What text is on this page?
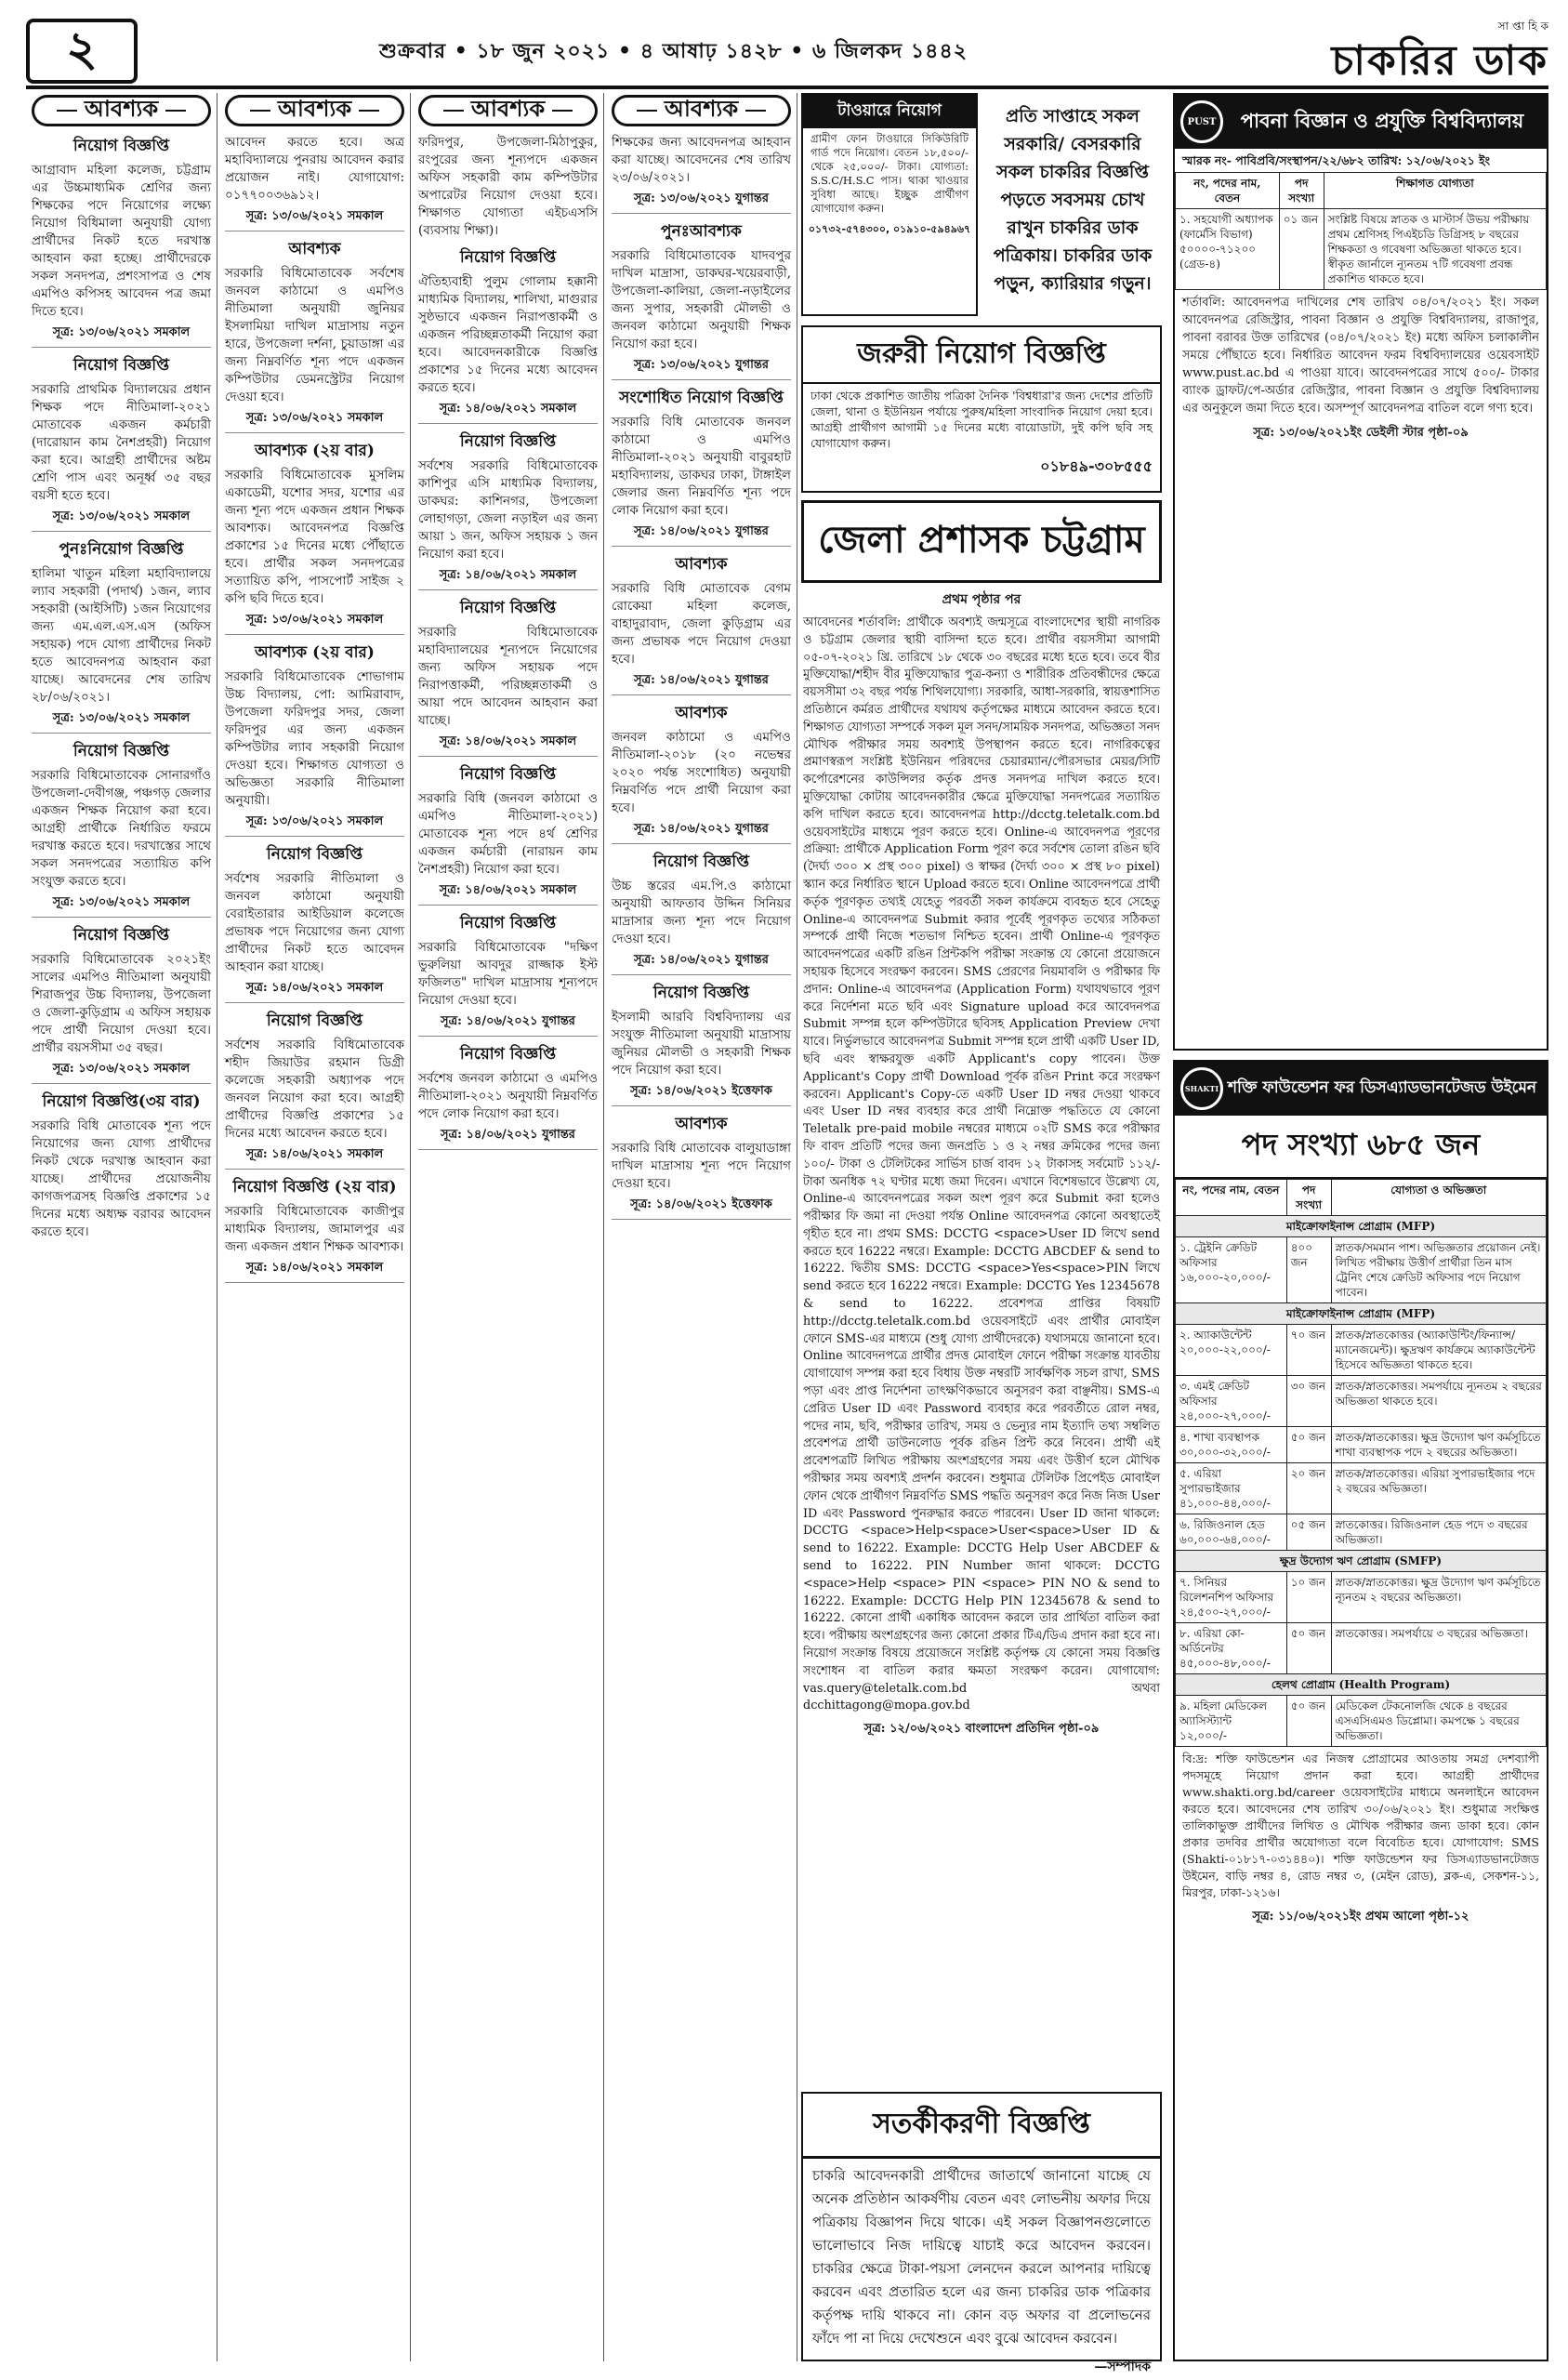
২	শুক্রবার • ১৮ জুন ২০২১ • ৪ আষাঢ় ১৪২৮ • ৬ জিলকদ ১৪৪২
সা প্তা হি ক
চাকরির ডাক
আবশ্যক
নিয়োগ বিজ্ঞপ্তি
আগ্রাবাদ মহিলা কলেজ, চট্টগ্রাম এর উচ্চমাধ্যমিক শ্রেণির জন্য শিক্ষকের পদে নিয়োগের লক্ষ্যে নিয়োগ বিধিমালা অনুযায়ী যোগ্য প্রার্থীদের নিকট হতে দরখাস্ত আহবান করা হচ্ছে। প্রার্থীদেরকে সকল সনদপত্র, প্রশংসাপত্র ও শেষ এমপিও কপিসহ আবেদন পত্র জমা দিতে হবে।
সূত্র: ১৩/০৬/২০২১ সমকাল
নিয়োগ বিজ্ঞপ্তি
সরকারি প্রাথমিক বিদ্যালয়ের প্রধান শিক্ষক পদে নীতিমালা-২০২১ মোতাবেক একজন কর্মচারী (দারোয়ান কাম নৈশপ্রহরী) নিয়োগ করা হবে। আগ্রহী প্রার্থীদের অষ্টম শ্রেণি পাস এবং অনূর্ধ্ব ৩৫ বছর বয়সী হতে হবে।
সূত্র: ১৩/০৬/২০২১ সমকাল
পুনঃনিয়োগ বিজ্ঞপ্তি
হালিমা খাতুন মহিলা মহাবিদ্যালয়ে ল্যাব সহকারী (পদার্থ) ১জন, ল্যাব সহকারী (আইসিটি) ১জন নিয়োগের জন্য এম.এল.এস.এস (অফিস সহায়ক) পদে যোগ্য প্রার্থীদের নিকট হতে আবেদনপত্র আহবান করা যাচ্ছে। আবেদনের শেষ তারিখ ২৮/০৬/২০২১।
সূত্র: ১৩/০৬/২০২১ সমকাল
নিয়োগ বিজ্ঞপ্তি
সরকারি বিধিমোতাবেক সোনারগাঁও উপজেলা-দেবীগঞ্জ, পঞ্চগড় জেলার একজন শিক্ষক নিয়োগ করা হবে। আগ্রহী প্রার্থীকে নির্ধারিত ফরমে দরখাস্ত করতে হবে। দরখাস্তের সাথে সকল সনদপত্রের সত্যায়িত কপি সংযুক্ত করতে হবে।
সূত্র: ১৩/০৬/২০২১ সমকাল
নিয়োগ বিজ্ঞপ্তি
সরকারি বিধিমোতাবেক ২০২১ইং সালের এমপিও নীতিমালা অনুযায়ী শিরাজপুর উচ্চ বিদ্যালয়, উপজেলা ও জেলা-কুড়িগ্রাম এ অফিস সহায়ক পদে প্রার্থী নিয়োগ দেওয়া হবে। প্রার্থীর বয়সসীমা ৩৫ বছর।
সূত্র: ১৩/০৬/২০২১ সমকাল
নিয়োগ বিজ্ঞপ্তি(৩য় বার)
সরকারি বিধি মোতাবেক শূন্য পদে নিয়োগের জন্য যোগ্য প্রার্থীদের নিকট থেকে দরখাস্ত আহবান করা যাচ্ছে। প্রার্থীদের প্রয়োজনীয় কাগজপত্রসহ বিজ্ঞপ্তি প্রকাশের ১৫ দিনের মধ্যে অধ্যক্ষ বরাবর আবেদন করতে হবে।
আবশ্যক
আবেদন করতে হবে। অত্র মহাবিদ্যালয়ে পুনরায় আবেদন করার প্রয়োজন নাই। যোগাযোগ: ০১৭৭০০৩৬৯১২।
সূত্র: ১৩/০৬/২০২১ সমকাল
আবশ্যক
সরকারি বিধিমোতাবেক সর্বশেষ জনবল কাঠামো ও এমপিও নীতিমালা অনুযায়ী জুনিয়র ইসলামিয়া দাখিল মাদ্রাসায় নতুন হারে, উপজেলা দর্শনা, চুয়াডাঙ্গা এর জন্য নিম্নবর্ণিত শূন্য পদে একজন কম্পিউটার ডেমনস্ট্রেটর নিয়োগ দেওয়া হবে।
সূত্র: ১৩/০৬/২০২১ সমকাল
আবশ্যক (২য় বার)
সরকারি বিধিমোতাবেক মুসলিম একাডেমী, যশোর সদর, যশোর এর জন্য শূন্য পদে একজন প্রধান শিক্ষক আবশ্যক। আবেদনপত্র বিজ্ঞপ্তি প্রকাশের ১৫ দিনের মধ্যে পৌঁছাতে হবে। প্রার্থীর সকল সনদপত্রের সত্যায়িত কপি, পাসপোর্ট সাইজ ২ কপি ছবি দিতে হবে।
সূত্র: ১৩/০৬/২০২১ সমকাল
আবশ্যক (২য় বার)
সরকারি বিধিমোতাবেক শোভাগাম উচ্চ বিদ্যালয়, পো: আমিরাবাদ, উপজেলা ফরিদপুর সদর, জেলা ফরিদপুর এর জন্য একজন কম্পিউটার ল্যাব সহকারী নিয়োগ দেওয়া হবে। শিক্ষাগত যোগ্যতা ও অভিজ্ঞতা সরকারি নীতিমালা অনুযায়ী।
সূত্র: ১৩/০৬/২০২১ সমকাল
নিয়োগ বিজ্ঞপ্তি
সর্বশেষ সরকারি নীতিমালা ও জনবল কাঠামো অনুযায়ী বেরাইতারার আইডিয়াল কলেজে প্রভাষক পদে নিয়োগের জন্য যোগ্য প্রার্থীদের নিকট হতে আবেদন আহবান করা যাচ্ছে।
সূত্র: ১৪/০৬/২০২১ সমকাল
নিয়োগ বিজ্ঞপ্তি
সর্বশেষ সরকারি বিধিমোতাবেক শহীদ জিয়াউর রহমান ডিগ্রী কলেজে সহকারী অধ্যাপক পদে জনবল নিয়োগ করা হবে। আগ্রহী প্রার্থীদের বিজ্ঞপ্তি প্রকাশের ১৫ দিনের মধ্যে আবেদন করতে হবে।
সূত্র: ১৪/০৬/২০২১ সমকাল
নিয়োগ বিজ্ঞপ্তি (২য় বার)
সরকারি বিধিমোতাবেক কাজীপুর মাধ্যমিক বিদ্যালয়, জামালপুর এর জন্য একজন প্রধান শিক্ষক আবশ্যক।
সূত্র: ১৪/০৬/২০২১ সমকাল
আবশ্যক
ফরিদপুর, উপজেলা-মিঠাপুকুর, রংপুরের জন্য শূন্যপদে একজন অফিস সহকারী কাম কম্পিউটার অপারেটর নিয়োগ দেওয়া হবে। শিক্ষাগত যোগ্যতা এইচএসসি (ব্যবসায় শিক্ষা)।
নিয়োগ বিজ্ঞপ্তি
ঐতিহ্যবাহী পুলুম গোলাম হক্কানী মাধ্যমিক বিদ্যালয়, শালিখা, মাগুরার সুষ্ঠভাবে একজন নিরাপত্তাকর্মী ও একজন পরিচ্ছন্নতাকর্মী নিয়োগ করা হবে। আবেদনকারীকে বিজ্ঞপ্তি প্রকাশের ১৫ দিনের মধ্যে আবেদন করতে হবে।
সূত্র: ১৪/০৬/২০২১ সমকাল
নিয়োগ বিজ্ঞপ্তি
সর্বশেষ সরকারি বিধিমোতাবেক কাশিপুর এসি মাধ্যমিক বিদ্যালয়, ডাকঘর: কাশিনগর, উপজেলা লোহাগড়া, জেলা নড়াইল এর জন্য আয়া ১ জন, অফিস সহায়ক ১ জন নিয়োগ করা হবে।
সূত্র: ১৪/০৬/২০২১ সমকাল
নিয়োগ বিজ্ঞপ্তি
সরকারি বিধিমোতাবেক মহাবিদ্যালয়ের শূন্যপদে নিয়োগের জন্য অফিস সহায়ক পদে নিরাপত্তাকর্মী, পরিচ্ছন্নতাকর্মী ও আয়া পদে আবেদন আহবান করা যাচ্ছে।
সূত্র: ১৪/০৬/২০২১ সমকাল
নিয়োগ বিজ্ঞপ্তি
সরকারি বিধি (জনবল কাঠামো ও এমপিও নীতিমালা-২০২১) মোতাবেক শূন্য পদে ৪র্থ শ্রেণির একজন কর্মচারী (নারায়ন কাম নৈশপ্রহরী) নিয়োগ করা হবে।
সূত্র: ১৪/০৬/২০২১ সমকাল
নিয়োগ বিজ্ঞপ্তি
সরকারি বিধিমোতাবেক "দক্ষিণ ভুরুলিয়া আবদুর রাজ্জাক ইস্ট ফজিলত" দাখিল মাদ্রাসায় শূন্যপদে নিয়োগ দেওয়া হবে।
সূত্র: ১৪/০৬/২০২১ যুগান্তর
নিয়োগ বিজ্ঞপ্তি
সর্বশেষ জনবল কাঠামো ও এমপিও নীতিমালা-২০২১ অনুযায়ী নিম্নবর্ণিত পদে লোক নিয়োগ করা হবে।
সূত্র: ১৪/০৬/২০২১ যুগান্তর
আবশ্যক
শিক্ষকের জন্য আবেদনপত্র আহবান করা যাচ্ছে। আবেদনের শেষ তারিখ ২৩/০৬/২০২১।
সূত্র: ১৩/০৬/২০২১ যুগান্তর
পুনঃআবশ্যক
সরকারি বিধিমোতাবেক যাদবপুর দাখিল মাদ্রাসা, ডাকঘর-খয়েরবাড়ী, উপজেলা-কালিয়া, জেলা-নড়াইলের জন্য সুপার, সহকারী মৌলভী ও জনবল কাঠামো অনুযায়ী শিক্ষক নিয়োগ করা হবে।
সূত্র: ১৩/০৬/২০২১ যুগান্তর
সংশোধিত নিয়োগ বিজ্ঞপ্তি
সরকারি বিধি মোতাবেক জনবল কাঠামো ও এমপিও নীতিমালা-২০২১ অনুযায়ী বাবুরহাট মহাবিদ্যালয়, ডাকঘর ঢাকা, টাঙ্গাইল জেলার জন্য নিম্নবর্ণিত শূন্য পদে লোক নিয়োগ করা হবে।
সূত্র: ১৪/০৬/২০২১ যুগান্তর
আবশ্যক
সরকারি বিধি মোতাবেক বেগম রোকেয়া মহিলা কলেজ, বাহাদুরাবাদ, জেলা কুড়িগ্রাম এর জন্য প্রভাষক পদে নিয়োগ দেওয়া হবে।
সূত্র: ১৪/০৬/২০২১ যুগান্তর
আবশ্যক
জনবল কাঠামো ও এমপিও নীতিমালা-২০১৮ (২০ নভেম্বর ২০২০ পর্যন্ত সংশোধিত) অনুযায়ী নিম্নবর্ণিত পদে প্রার্থী নিয়োগ করা হবে।
সূত্র: ১৪/০৬/২০২১ যুগান্তর
নিয়োগ বিজ্ঞপ্তি
উচ্চ স্তরের এম.পি.ও কাঠামো অনুযায়ী আফতাব উদ্দিন সিনিয়র মাদ্রাসার জন্য শূন্য পদে নিয়োগ দেওয়া হবে।
সূত্র: ১৪/০৬/২০২১ যুগান্তর
নিয়োগ বিজ্ঞপ্তি
ইসলামী আরবি বিশ্ববিদ্যালয় এর সংযুক্ত নীতিমালা অনুযায়ী মাদ্রাসায় জুনিয়র মৌলভী ও সহকারী শিক্ষক পদে নিয়োগ করা হবে।
সূত্র: ১৪/০৬/২০২১ ইত্তেফাক
আবশ্যক
সরকারি বিধি মোতাবেক বালুয়াডাঙ্গা দাখিল মাদ্রাসায় শূন্য পদে নিয়োগ দেওয়া হবে।
সূত্র: ১৪/০৬/২০২১ ইত্তেফাক
টাওয়ারে নিয়োগ
গ্রামীণ ফোন টাওয়ারে সিকিউরিটি গার্ড পদে নিয়োগ। বেতন ১৮,৫০০/- থেকে ২৫,০০০/- টাকা। যোগ্যতা: S.S.C/H.S.C পাস। থাকা খাওয়ার সুবিধা আছে। ইচ্ছুক প্রার্থীগণ যোগাযোগ করুন।
০১৭৩২-৫৭৪৩০০, ০১৯১০-৫৯৪৯৬৭
প্রতি সাপ্তাহে সকল সরকারি/ বেসরকারি সকল চাকরির বিজ্ঞপ্তি পড়তে সবসময় চোখ রাখুন চাকরির ডাক পত্রিকায়। চাকরির ডাক পড়ুন, ক্যারিয়ার গড়ুন।
জরুরী নিয়োগ বিজ্ঞপ্তি
ঢাকা থেকে প্রকাশিত জাতীয় পত্রিকা দৈনিক 'বিশ্বধারা'র জন্য দেশের প্রতিটি জেলা, থানা ও ইউনিয়ন পর্যায়ে পুরুষ/মহিলা সাংবাদিক নিয়োগ দেয়া হবে। আগ্রহী প্রার্থীগণ আগামী ১৫ দিনের মধ্যে বায়োডাটা, দুই কপি ছবি সহ যোগাযোগ করুন।
০১৮৪৯-৩০৮৫৫৫
জেলা প্রশাসক চট্টগ্রাম
প্রথম পৃষ্ঠার পর
আবেদনের শর্তাবলি: প্রার্থীকে অবশ্যই জন্মসূত্রে বাংলাদেশের স্থায়ী নাগরিক ও চট্টগ্রাম জেলার স্থায়ী বাসিন্দা হতে হবে। প্রার্থীর বয়সসীমা আগামী ০৫-০৭-২০২১ খ্রি. তারিখে ১৮ থেকে ৩০ বছরের মধ্যে হতে হবে। তবে বীর মুক্তিযোদ্ধা/শহীদ বীর মুক্তিযোদ্ধার পুত্র-কন্যা ও শারীরিক প্রতিবন্ধীদের ক্ষেত্রে বয়সসীমা ৩২ বছর পর্যন্ত শিথিলযোগ্য। সরকারি, আধা-সরকারি, স্বায়ত্তশাসিত প্রতিষ্ঠানে কর্মরত প্রার্থীদের যথাযথ কর্তৃপক্ষের মাধ্যমে আবেদন করতে হবে। শিক্ষাগত যোগ্যতা সম্পর্কে সকল মূল সনদ/সাময়িক সনদপত্র, অভিজ্ঞতা সনদ মৌখিক পরীক্ষার সময় অবশ্যই উপস্থাপন করতে হবে। নাগরিকত্বের প্রমাণস্বরূপ সংশ্লিষ্ট ইউনিয়ন পরিষদের চেয়ারম্যান/পৌরসভার মেয়র/সিটি কর্পোরেশনের কাউন্সিলর কর্তৃক প্রদত্ত সনদপত্র দাখিল করতে হবে। মুক্তিযোদ্ধা কোটায় আবেদনকারীর ক্ষেত্রে মুক্তিযোদ্ধা সনদপত্রের সত্যায়িত কপি দাখিল করতে হবে। আবেদনপত্র http://dcctg.teletalk.com.bd ওয়েবসাইটের মাধ্যমে পূরণ করতে হবে। Online-এ আবেদনপত্র পূরণের প্রক্রিয়া: প্রার্থীকে Application Form পূরণ করে সর্বশেষ তোলা রঙিন ছবি (দৈর্ঘ্য ৩০০ × প্রস্থ ৩০০ pixel) ও স্বাক্ষর (দৈর্ঘ্য ৩০০ × প্রস্থ ৮০ pixel) স্ক্যান করে নির্ধারিত স্থানে Upload করতে হবে। Online আবেদনপত্রে প্রার্থী কর্তৃক পূরণকৃত তথ্যই যেহেতু পরবর্তী সকল কার্যক্রমে ব্যবহৃত হবে সেহেতু Online-এ আবেদনপত্র Submit করার পূর্বেই পূরণকৃত তথ্যের সঠিকতা সম্পর্কে প্রার্থী নিজে শতভাগ নিশ্চিত হবেন। প্রার্থী Online-এ পূরণকৃত আবেদনপত্রের একটি রঙিন প্রিন্টকপি পরীক্ষা সংক্রান্ত যে কোনো প্রয়োজনে সহায়ক হিসেবে সংরক্ষণ করবেন। SMS প্রেরণের নিয়মাবলি ও পরীক্ষার ফি প্রদান: Online-এ আবেদনপত্র (Application Form) যথাযথভাবে পূরণ করে নির্দেশনা মতে ছবি এবং Signature upload করে আবেদনপত্র Submit সম্পন্ন হলে কম্পিউটারে ছবিসহ Application Preview দেখা যাবে। নির্ভুলভাবে আবেদনপত্র Submit সম্পন্ন হলে প্রার্থী একটি User ID, ছবি এবং স্বাক্ষরযুক্ত একটি Applicant's copy পাবেন। উক্ত Applicant's Copy প্রার্থী Download পূর্বক রঙিন Print করে সংরক্ষণ করবেন। Applicant's Copy-তে একটি User ID নম্বর দেওয়া থাকবে এবং User ID নম্বর ব্যবহার করে প্রার্থী নিম্নোক্ত পদ্ধতিতে যে কোনো Teletalk pre-paid mobile নম্বরের মাধ্যমে ০২টি SMS করে পরীক্ষার ফি বাবদ প্রতিটি পদের জন্য জনপ্রতি ১ ও ২ নম্বর ক্রমিকের পদের জন্য ১০০/- টাকা ও টেলিটকের সার্ভিস চার্জ বাবদ ১২ টাকাসহ সর্বমোট ১১২/- টাকা অনধিক ৭২ ঘণ্টার মধ্যে জমা দিবেন। এখানে বিশেষভাবে উল্লেখ্য যে, Online-এ আবেদনপত্রের সকল অংশ পূরণ করে Submit করা হলেও পরীক্ষার ফি জমা না দেওয়া পর্যন্ত Online আবেদনপত্র কোনো অবস্থাতেই গৃহীত হবে না। প্রথম SMS: DCCTG <space>User ID লিখে send করতে হবে 16222 নম্বরে। Example: DCCTG ABCDEF & send to 16222. দ্বিতীয় SMS: DCCTG <space>Yes<space>PIN লিখে send করতে হবে 16222 নম্বরে। Example: DCCTG Yes 12345678 & send to 16222. প্রবেশপত্র প্রাপ্তির বিষয়টি http://dcctg.teletalk.com.bd ওয়েবসাইটে এবং প্রার্থীর মোবাইল ফোনে SMS-এর মাধ্যমে (শুধু যোগ্য প্রার্থীদেরকে) যথাসময়ে জানানো হবে। Online আবেদনপত্রে প্রার্থীর প্রদত্ত মোবাইল ফোনে পরীক্ষা সংক্রান্ত যাবতীয় যোগাযোগ সম্পন্ন করা হবে বিধায় উক্ত নম্বরটি সার্বক্ষণিক সচল রাখা, SMS পড়া এবং প্রাপ্ত নির্দেশনা তাৎক্ষণিকভাবে অনুসরণ করা বাঞ্ছনীয়। SMS-এ প্রেরিত User ID এবং Password ব্যবহার করে পরবর্তীতে রোল নম্বর, পদের নাম, ছবি, পরীক্ষার তারিখ, সময় ও ভেন্যুর নাম ইত্যাদি তথ্য সম্বলিত প্রবেশপত্র প্রার্থী ডাউনলোড পূর্বক রঙিন প্রিন্ট করে নিবেন। প্রার্থী এই প্রবেশপত্রটি লিখিত পরীক্ষায় অংশগ্রহণের সময় এবং উত্তীর্ণ হলে মৌখিক পরীক্ষার সময় অবশ্যই প্রদর্শন করবেন। শুধুমাত্র টেলিটক প্রিপেইড মোবাইল ফোন থেকে প্রার্থীগণ নিম্নবর্ণিত SMS পদ্ধতি অনুসরণ করে নিজ নিজ User ID এবং Password পুনরুদ্ধার করতে পারবেন। User ID জানা থাকলে: DCCTG <space>Help<space>User<space>User ID & send to 16222. Example: DCCTG Help User ABCDEF & send to 16222. PIN Number জানা থাকলে: DCCTG <space>Help <space> PIN <space> PIN NO & send to 16222. Example: DCCTG Help PIN 12345678 & send to 16222. কোনো প্রার্থী একাধিক আবেদন করলে তার প্রার্থিতা বাতিল করা হবে। পরীক্ষায় অংশগ্রহণের জন্য কোনো প্রকার টিএ/ডিএ প্রদান করা হবে না। নিয়োগ সংক্রান্ত বিষয়ে প্রয়োজনে সংশ্লিষ্ট কর্তৃপক্ষ যে কোনো সময় বিজ্ঞপ্তি সংশোধন বা বাতিল করার ক্ষমতা সংরক্ষণ করেন। যোগাযোগ: vas.query@teletalk.com.bd অথবা dcchittagong@mopa.gov.bd
সূত্র: ১২/০৬/২০২১ বাংলাদেশ প্রতিদিন পৃষ্ঠা-০৯
সতর্কীকরণী বিজ্ঞপ্তি
চাকরি আবেদনকারী প্রার্থীদের জাতার্থে জানানো যাচ্ছে যে অনেক প্রতিষ্ঠান আকর্ষণীয় বেতন এবং লোভনীয় অফার দিয়ে পত্রিকায় বিজ্ঞাপন দিয়ে থাকে। এই সকল বিজ্ঞাপনগুলোতে ভালোভাবে নিজ দায়িত্বে যাচাই করে আবেদন করবেন। চাকরির ক্ষেত্রে টাকা-পয়সা লেনদেন করলে আপনার দায়িত্বে করবেন এবং প্রতারিত হলে এর জন্য চাকরির ডাক পত্রিকার কর্তৃপক্ষ দায়ি থাকবে না। কোন বড় অফার বা প্রলোভনের ফাঁদে পা না দিয়ে দেখেশুনে এবং বুঝে আবেদন করবেন।
—সম্পাদক
PUST	পাবনা বিজ্ঞান ও প্রযুক্তি বিশ্ববিদ্যালয়
স্মারক নং- পাবিপ্রবি/সংস্থাপন/২২/৬৮২ তারিখ: ১২/০৬/২০২১ ইং
নং, পদের নাম, বেতন	পদ সংখ্যা	শিক্ষাগত যোগ্যতা
১. সহযোগী অধ্যাপক (ফার্মেসি বিভাগ) ৫০০০০-৭১২০০ (গ্রেড-৪)	০১ জন	সংশ্লিষ্ট বিষয়ে স্নাতক ও মাস্টার্স উভয় পরীক্ষায় প্রথম শ্রেণিসহ পিএইচডি ডিগ্রিসহ ৮ বছরের শিক্ষকতা ও গবেষণা অভিজ্ঞতা থাকতে হবে। স্বীকৃত জার্নালে ন্যূনতম ৭টি গবেষণা প্রবন্ধ প্রকাশিত থাকতে হবে।
শর্তাবলি: আবেদনপত্র দাখিলের শেষ তারিখ ০৪/০৭/২০২১ ইং। সকল আবেদনপত্র রেজিস্ট্রার, পাবনা বিজ্ঞান ও প্রযুক্তি বিশ্ববিদ্যালয়, রাজাপুর, পাবনা বরাবর উক্ত তারিখের (০৪/০৭/২০২১ ইং) মধ্যে অফিস চলাকালীন সময়ে পৌঁছাতে হবে। নির্ধারিত আবেদন ফরম বিশ্ববিদ্যালয়ের ওয়েবসাইট www.pust.ac.bd এ পাওয়া যাবে। আবেদনপত্রের সাথে ৫০০/- টাকার ব্যাংক ড্রাফট/পে-অর্ডার রেজিস্ট্রার, পাবনা বিজ্ঞান ও প্রযুক্তি বিশ্ববিদ্যালয় এর অনুকূলে জমা দিতে হবে। অসম্পূর্ণ আবেদনপত্র বাতিল বলে গণ্য হবে।
সূত্র: ১৩/০৬/২০২১ইং ডেইলী স্টার পৃষ্ঠা-০৯
SHAKTI শক্তি ফাউন্ডেশন ফর ডিসএ্যাডভানটেজড উইমেন
পদ সংখ্যা ৬৮৫ জন
নং, পদের নাম, বেতন	পদ সংখ্যা	যোগ্যতা ও অভিজ্ঞতা
মাইক্রোফাইনান্স প্রোগ্রাম (MFP)		
১. ট্রেইনি ক্রেডিট অফিসার ১৬,০০০-২০,০০০/-	৪০০ জন	স্নাতক/সমমান পাশ। অভিজ্ঞতার প্রয়োজন নেই। লিখিত পরীক্ষায় উত্তীর্ণ প্রার্থীরা তিন মাস ট্রেনিং শেষে ক্রেডিট অফিসার পদে নিয়োগ পাবেন।
মাইক্রোফাইনান্স প্রোগ্রাম (MFP)		
২. অ্যাকাউন্টেন্ট ২০,০০০-২২,০০০/-	৭০ জন	স্নাতক/স্নাতকোত্তর (অ্যাকাউন্টিং/ফিন্যান্স/ম্যানেজমেন্ট)। ক্ষুদ্রঋণ কার্যক্রমে অ্যাকাউন্টেন্ট হিসেবে অভিজ্ঞতা থাকতে হবে।
৩. এমই ক্রেডিট অফিসার ২৪,০০০-২৭,০০০/-	৩০ জন	স্নাতক/স্নাতকোত্তর। সমপর্যায়ে ন্যূনতম ২ বছরের অভিজ্ঞতা থাকতে হবে।
৪. শাখা ব্যবস্থাপক ৩০,০০০-৩২,০০০/-	৫০ জন	স্নাতক/স্নাতকোত্তর। ক্ষুদ্র উদ্যোগ ঋণ কর্মসূচিতে শাখা ব্যবস্থাপক পদে ২ বছরের অভিজ্ঞতা।
৫. এরিয়া সুপারভাইজার ৪১,০০০-৪৪,০০০/-	২০ জন	স্নাতক/স্নাতকোত্তর। এরিয়া সুপারভাইজার পদে ২ বছরের অভিজ্ঞতা।
৬. রিজিওনাল হেড ৬০,০০০-৬৪,০০০/-	০৫ জন	স্নাতকোত্তর। রিজিওনাল হেড পদে ৩ বছরের অভিজ্ঞতা।
ক্ষুদ্র উদ্যোগ ঋণ প্রোগ্রাম (SMFP)		
৭. সিনিয়র রিলেশনশিপ অফিসার ২৪,৫০০-২৭,০০০/-	১০ জন	স্নাতক/স্নাতকোত্তর। ক্ষুদ্র উদ্যোগ ঋণ কর্মসূচিতে ন্যূনতম ২ বছরের অভিজ্ঞতা।
৮. এরিয়া কো-অর্ডিনেটর ৪৫,০০০-৪৮,০০০/-	৫০ জন	স্নাতকোত্তর। সমপর্যায়ে ৩ বছরের অভিজ্ঞতা।
হেলথ প্রোগ্রাম (Health Program)		
৯. মহিলা মেডিকেল অ্যাসিস্ট্যান্ট ১২,০০০/-	৫০ জন	মেডিকেল টেকনোলজি থেকে ৪ বছরের এসএসিএমও ডিপ্লোমা। কমপক্ষে ১ বছরের অভিজ্ঞতা।
বি:দ্র: শক্তি ফাউন্ডেশন এর নিজস্ব প্রোগ্রামের আওতায় সমগ্র দেশব্যাপী পদসমূহে নিয়োগ প্রদান করা হবে। আগ্রহী প্রার্থীদের www.shakti.org.bd/career ওয়েবসাইটের মাধ্যমে অনলাইনে আবেদন করতে হবে। আবেদনের শেষ তারিখ ৩০/০৬/২০২১ ইং। শুধুমাত্র সংক্ষিপ্ত তালিকাভুক্ত প্রার্থীদের লিখিত ও মৌখিক পরীক্ষার জন্য ডাকা হবে। কোন প্রকার তদবির প্রার্থীর অযোগ্যতা বলে বিবেচিত হবে। যোগাযোগ: SMS (Shakti-০১৮১৭-০৩১৪৪০)। শক্তি ফাউন্ডেশন ফর ডিসএ্যাডভানটেজড উইমেন, বাড়ি নম্বর ৪, রোড নম্বর ৩, (মেইন রোড), ব্লক-এ, সেকশন-১১, মিরপুর, ঢাকা-১২১৬।
সূত্র: ১১/০৬/২০২১ইং প্রথম আলো পৃষ্ঠা-১২
